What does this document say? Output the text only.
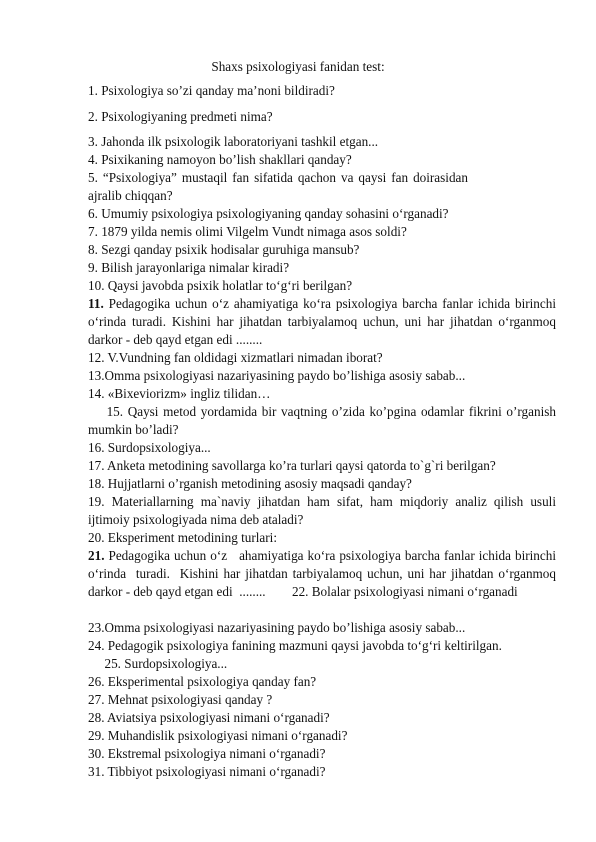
Shaxs psixologiyasi fanidan test:
1. Psixologiya so’zi qanday ma’noni bildiradi?
2. Psixologiyaning predmeti nima?
3. Jahonda ilk psixologik laboratoriyani tashkil etgan...
4. Psixikaning namoyon bo’lish shakllari qanday?
5. “Psixologiya” mustaqil fan sifatida qachon va qaysi fan doirasidan ajralib chiqqan?
6. Umumiy psixologiya psixologiyaning qanday sohasini o‘rganadi?
7. 1879 yilda nemis olimi Vilgelm Vundt nimaga asos soldi?
8. Sezgi qanday psixik hodisalar guruhiga mansub?
9. Bilish jarayonlariga nimalar kiradi?
10. Qaysi javobda psixik holatlar to‘g‘ri berilgan?
11. Pedagogika uchun o‘z ahamiyatiga ko‘ra psixologiya barcha fanlar ichida birinchi o‘rinda turadi. Kishini har jihatdan tarbiyalamoq uchun, uni har jihatdan o‘rganmoq darkor - deb qayd etgan edi ........
12. V.Vundning fan oldidagi xizmatlari nimadan iborat?
13.Omma psixologiyasi nazariyasining paydo bo’lishiga asosiy sabab...
14. «Bixeviorizm» ingliz tilidan…
15. Qaysi metod yordamida bir vaqtning o’zida ko’pgina odamlar fikrini o’rganish mumkin bo’ladi?
16. Surdopsixologiya...
17. Anketa metodining savollarga ko’ra turlari qaysi qatorda to`g`ri berilgan?
18. Hujjatlarni o’rganish metodining asosiy maqsadi qanday?
19. Materiallarning ma`naviy jihatdan ham sifat, ham miqdoriy analiz qilish usuli ijtimoiy psixologiyada nima deb ataladi?
20. Eksperiment metodining turlari:
21. Pedagogika uchun o‘z   ahamiyatiga ko‘ra psixologiya barcha fanlar ichida birinchi o‘rinda  turadi.  Kishini har jihatdan tarbiyalamoq uchun, uni har jihatdan o‘rganmoq darkor - deb qayd etgan edi  ........        22. Bolalar psixologiyasi nimani o‘rganadi
23.Omma psixologiyasi nazariyasining paydo bo’lishiga asosiy sabab...
24. Pedagogik psixologiya fanining mazmuni qaysi javobda to‘g‘ri keltirilgan.
25. Surdopsixologiya...
26. Eksperimental psixologiya qanday fan?
27. Mehnat psixologiyasi qanday ?
28. Aviatsiya psixologiyasi nimani o‘rganadi?
29. Muhandislik psixologiyasi nimani o‘rganadi?
30. Ekstremal psixologiya nimani o‘rganadi?
31. Tibbiyot psixologiyasi nimani o‘rganadi?
